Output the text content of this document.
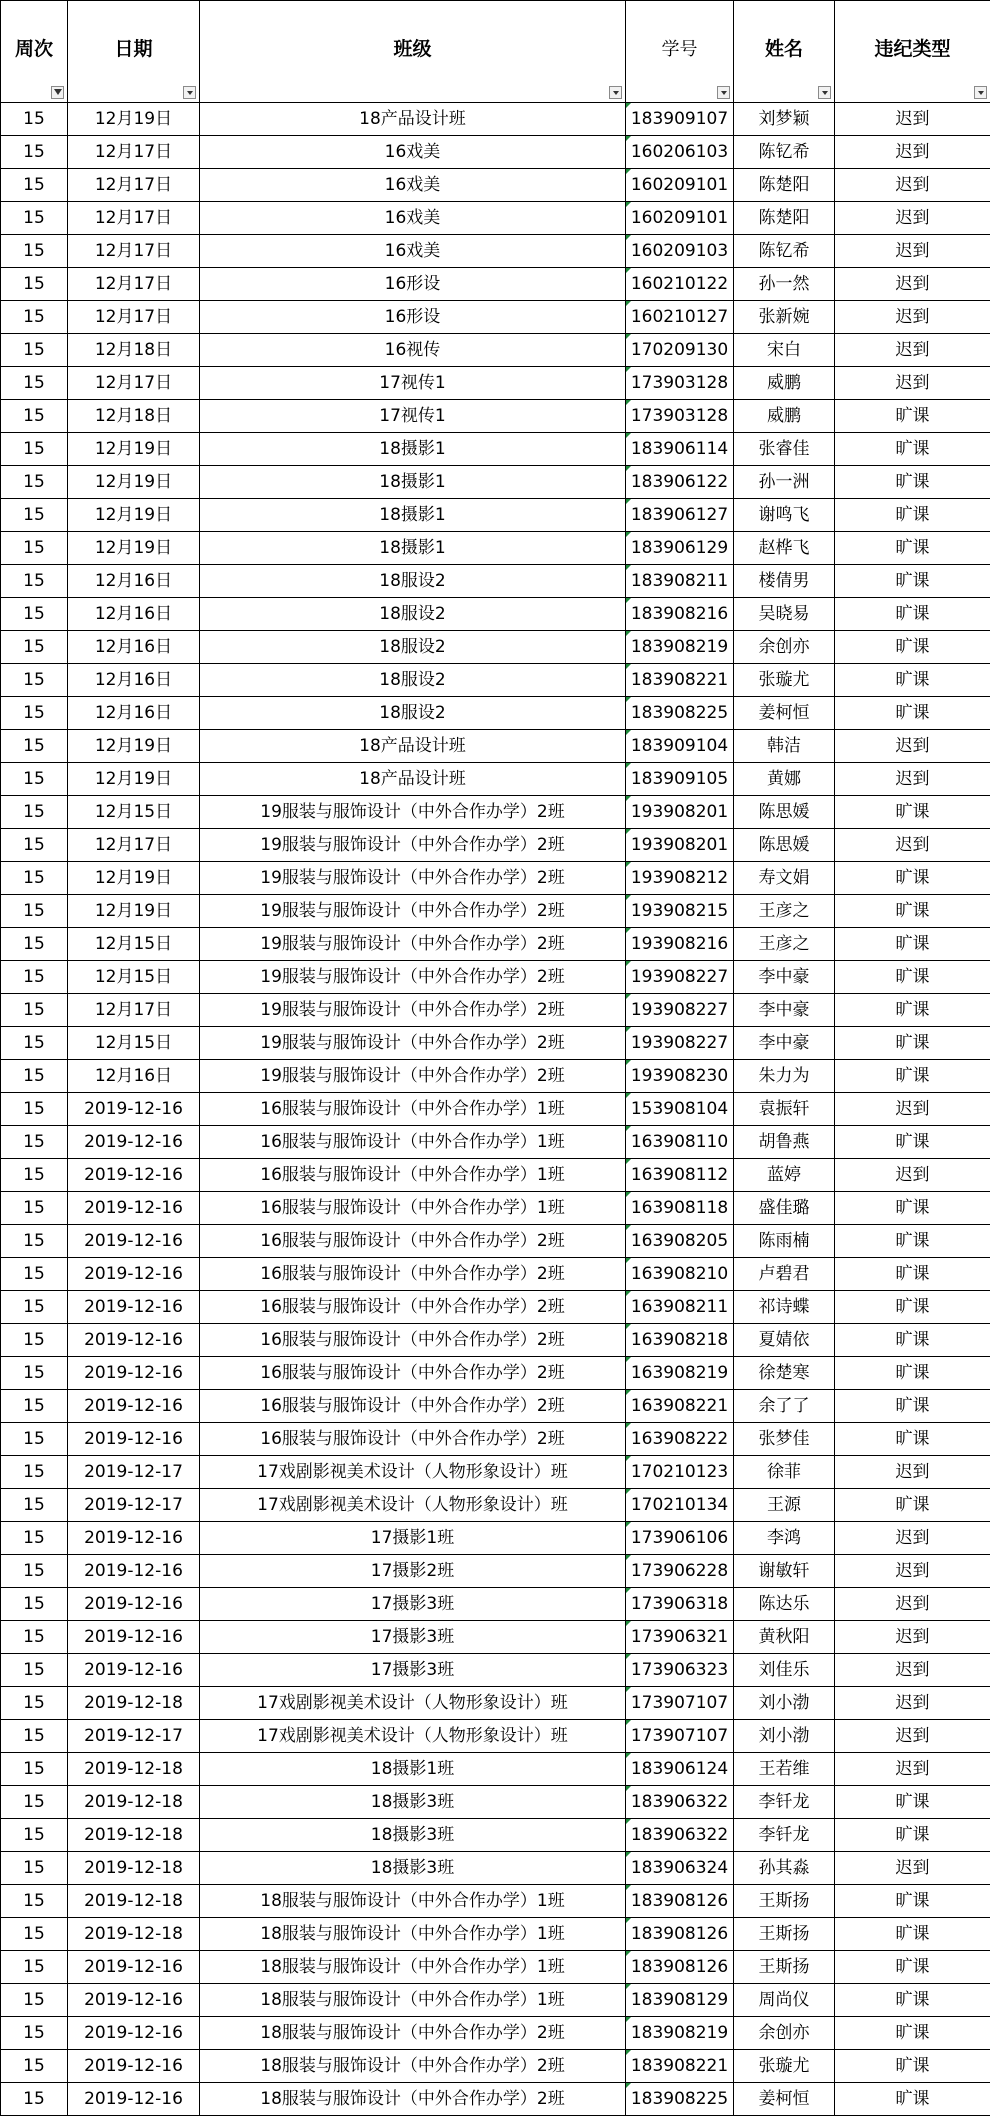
周次	日期	班级	学号	姓名	违纪类型

15	12月19日	18产品设计班	183909107	刘梦颖	迟到
15	12月17日	16戏美	160206103	陈钇希	迟到
15	12月17日	16戏美	160209101	陈楚阳	迟到
15	12月17日	16戏美	160209101	陈楚阳	迟到
15	12月17日	16戏美	160209103	陈钇希	迟到
15	12月17日	16形设	160210122	孙一然	迟到
15	12月17日	16形设	160210127	张新婉	迟到
15	12月18日	16视传	170209130	宋白	迟到
15	12月17日	17视传1	173903128	威鹏	迟到
15	12月18日	17视传1	173903128	威鹏	旷课
15	12月19日	18摄影1	183906114	张睿佳	旷课
15	12月19日	18摄影1	183906122	孙一洲	旷课
15	12月19日	18摄影1	183906127	谢鸣飞	旷课
15	12月19日	18摄影1	183906129	赵桦飞	旷课
15	12月16日	18服设2	183908211	楼倩男	旷课
15	12月16日	18服设2	183908216	吴晓易	旷课
15	12月16日	18服设2	183908219	余创亦	旷课
15	12月16日	18服设2	183908221	张璇尤	旷课
15	12月16日	18服设2	183908225	姜柯恒	旷课
15	12月19日	18产品设计班	183909104	韩洁	迟到
15	12月19日	18产品设计班	183909105	黄娜	迟到
15	12月15日	19服装与服饰设计（中外合作办学）2班	193908201	陈思媛	旷课
15	12月17日	19服装与服饰设计（中外合作办学）2班	193908201	陈思媛	迟到
15	12月19日	19服装与服饰设计（中外合作办学）2班	193908212	寿文娟	旷课
15	12月19日	19服装与服饰设计（中外合作办学）2班	193908215	王彦之	旷课
15	12月15日	19服装与服饰设计（中外合作办学）2班	193908216	王彦之	旷课
15	12月15日	19服装与服饰设计（中外合作办学）2班	193908227	李中豪	旷课
15	12月17日	19服装与服饰设计（中外合作办学）2班	193908227	李中豪	旷课
15	12月15日	19服装与服饰设计（中外合作办学）2班	193908227	李中豪	旷课
15	12月16日	19服装与服饰设计（中外合作办学）2班	193908230	朱力为	旷课
15	2019-12-16	16服装与服饰设计（中外合作办学）1班	153908104	袁振轩	迟到
15	2019-12-16	16服装与服饰设计（中外合作办学）1班	163908110	胡鲁燕	旷课
15	2019-12-16	16服装与服饰设计（中外合作办学）1班	163908112	蓝婷	迟到
15	2019-12-16	16服装与服饰设计（中外合作办学）1班	163908118	盛佳璐	旷课
15	2019-12-16	16服装与服饰设计（中外合作办学）2班	163908205	陈雨楠	旷课
15	2019-12-16	16服装与服饰设计（中外合作办学）2班	163908210	卢碧君	旷课
15	2019-12-16	16服装与服饰设计（中外合作办学）2班	163908211	祁诗蝶	旷课
15	2019-12-16	16服装与服饰设计（中外合作办学）2班	163908218	夏婧依	旷课
15	2019-12-16	16服装与服饰设计（中外合作办学）2班	163908219	徐楚寒	旷课
15	2019-12-16	16服装与服饰设计（中外合作办学）2班	163908221	余了了	旷课
15	2019-12-16	16服装与服饰设计（中外合作办学）2班	163908222	张梦佳	旷课
15	2019-12-17	17戏剧影视美术设计（人物形象设计）班	170210123	徐菲	迟到
15	2019-12-17	17戏剧影视美术设计（人物形象设计）班	170210134	王源	旷课
15	2019-12-16	17摄影1班	173906106	李鸿	迟到
15	2019-12-16	17摄影2班	173906228	谢敏轩	迟到
15	2019-12-16	17摄影3班	173906318	陈达乐	迟到
15	2019-12-16	17摄影3班	173906321	黄秋阳	迟到
15	2019-12-16	17摄影3班	173906323	刘佳乐	迟到
15	2019-12-18	17戏剧影视美术设计（人物形象设计）班	173907107	刘小渤	迟到
15	2019-12-17	17戏剧影视美术设计（人物形象设计）班	173907107	刘小渤	迟到
15	2019-12-18	18摄影1班	183906124	王若维	迟到
15	2019-12-18	18摄影3班	183906322	李钎龙	旷课
15	2019-12-18	18摄影3班	183906322	李钎龙	旷课
15	2019-12-18	18摄影3班	183906324	孙其淼	迟到
15	2019-12-18	18服装与服饰设计（中外合作办学）1班	183908126	王斯扬	旷课
15	2019-12-18	18服装与服饰设计（中外合作办学）1班	183908126	王斯扬	旷课
15	2019-12-16	18服装与服饰设计（中外合作办学）1班	183908126	王斯扬	旷课
15	2019-12-16	18服装与服饰设计（中外合作办学）1班	183908129	周尚仪	旷课
15	2019-12-16	18服装与服饰设计（中外合作办学）2班	183908219	余创亦	旷课
15	2019-12-16	18服装与服饰设计（中外合作办学）2班	183908221	张璇尤	旷课
15	2019-12-16	18服装与服饰设计（中外合作办学）2班	183908225	姜柯恒	旷课
